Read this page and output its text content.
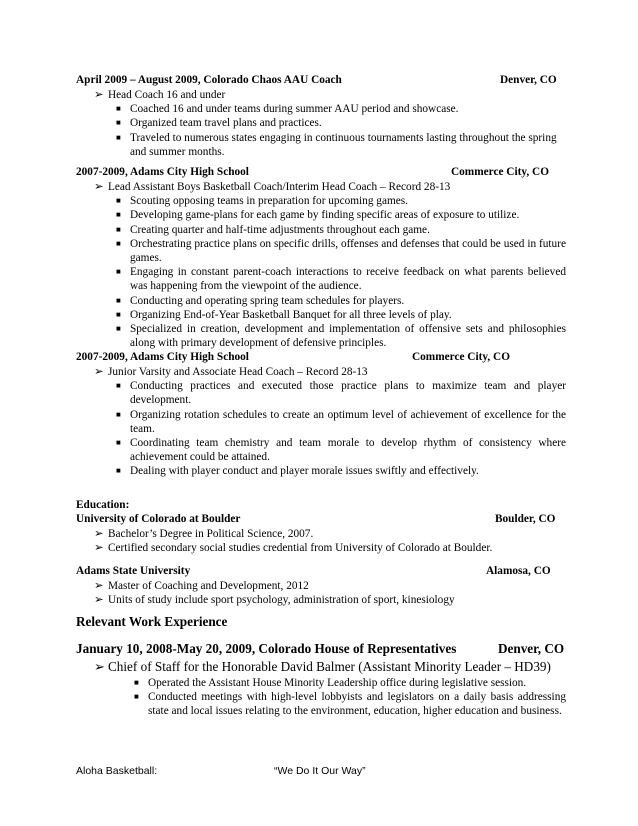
April 2009 – August 2009, Colorado Chaos AAU Coach	Denver, CO
➢ Head Coach 16 and under
■ Coached 16 and under teams during summer AAU period and showcase.
■ Organized team travel plans and practices.
■ Traveled to numerous states engaging in continuous tournaments lasting throughout the spring and summer months.
2007-2009, Adams City High School	Commerce City, CO
➢ Lead Assistant Boys Basketball Coach/Interim Head Coach – Record 28-13
■ Scouting opposing teams in preparation for upcoming games.
■ Developing game-plans for each game by finding specific areas of exposure to utilize.
■ Creating quarter and half-time adjustments throughout each game.
■ Orchestrating practice plans on specific drills, offenses and defenses that could be used in future games.
■ Engaging in constant parent-coach interactions to receive feedback on what parents believed was happening from the viewpoint of the audience.
■ Conducting and operating spring team schedules for players.
■ Organizing End-of-Year Basketball Banquet for all three levels of play.
■ Specialized in creation, development and implementation of offensive sets and philosophies along with primary development of defensive principles.
2007-2009, Adams City High School	Commerce City, CO
➢ Junior Varsity and Associate Head Coach – Record 28-13
■ Conducting practices and executed those practice plans to maximize team and player development.
■ Organizing rotation schedules to create an optimum level of achievement of excellence for the team.
■ Coordinating team chemistry and team morale to develop rhythm of consistency where achievement could be attained.
■ Dealing with player conduct and player morale issues swiftly and effectively.
Education:
University of Colorado at Boulder	Boulder, CO
➢ Bachelor’s Degree in Political Science, 2007.
➢ Certified secondary social studies credential from University of Colorado at Boulder.
Adams State University	Alamosa, CO
➢ Master of Coaching and Development, 2012
➢ Units of study include sport psychology, administration of sport, kinesiology
Relevant Work Experience
January 10, 2008-May 20, 2009, Colorado House of Representatives	Denver, CO
➢ Chief of Staff for the Honorable David Balmer (Assistant Minority Leader – HD39)
■ Operated the Assistant House Minority Leadership office during legislative session.
■ Conducted meetings with high-level lobbyists and legislators on a daily basis addressing state and local issues relating to the environment, education, higher education and business.
Aloha Basketball:	“We Do It Our Way”
